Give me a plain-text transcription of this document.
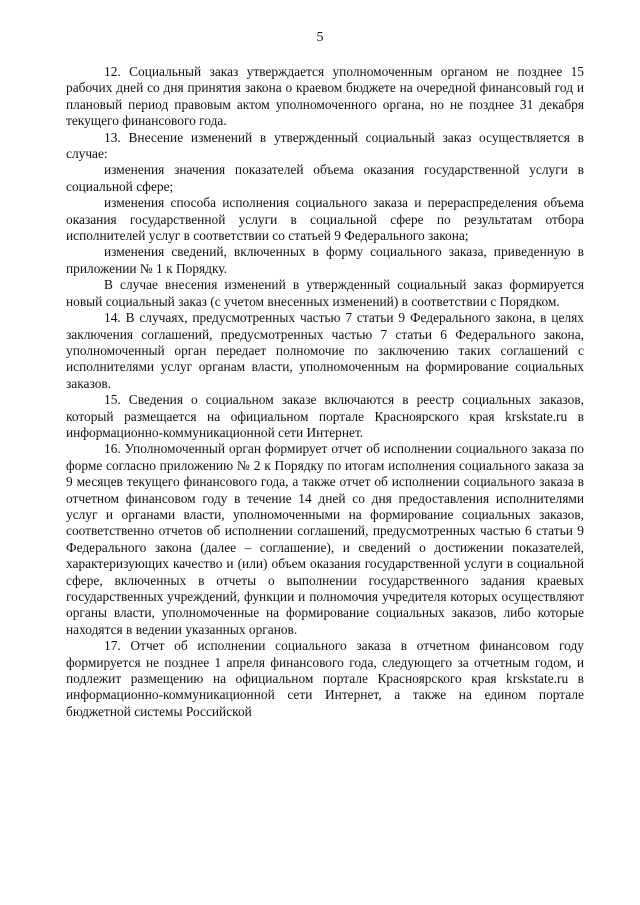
5

12. Социальный заказ утверждается уполномоченным органом не позднее 15 рабочих дней со дня принятия закона о краевом бюджете на очередной финансовый год и плановый период правовым актом уполномоченного органа, но не позднее 31 декабря текущего финансового года.

13. Внесение изменений в утвержденный социальный заказ осуществляется в случае:

изменения значения показателей объема оказания государственной услуги в социальной сфере;

изменения способа исполнения социального заказа и перераспределения объема оказания государственной услуги в социальной сфере по результатам отбора исполнителей услуг в соответствии со статьей 9 Федерального закона;

изменения сведений, включенных в форму социального заказа, приведенную в приложении № 1 к Порядку.

В случае внесения изменений в утвержденный социальный заказ формируется новый социальный заказ (с учетом внесенных изменений) в соответствии с Порядком.

14. В случаях, предусмотренных частью 7 статьи 9 Федерального закона, в целях заключения соглашений, предусмотренных частью 7 статьи 6 Федерального закона, уполномоченный орган передает полномочие по заключению таких соглашений с исполнителями услуг органам власти, уполномоченным на формирование социальных заказов.

15. Сведения о социальном заказе включаются в реестр социальных заказов, который размещается на официальном портале Красноярского края krskstate.ru в информационно-коммуникационной сети Интернет.

16. Уполномоченный орган формирует отчет об исполнении социального заказа по форме согласно приложению № 2 к Порядку по итогам исполнения социального заказа за 9 месяцев текущего финансового года, а также отчет об исполнении социального заказа в отчетном финансовом году в течение 14 дней со дня предоставления исполнителями услуг и органами власти, уполномоченными на формирование социальных заказов, соответственно отчетов об исполнении соглашений, предусмотренных частью 6 статьи 9 Федерального закона (далее – соглашение), и сведений о достижении показателей, характеризующих качество и (или) объем оказания государственной услуги в социальной сфере, включенных в отчеты о выполнении государственного задания краевых государственных учреждений, функции и полномочия учредителя которых осуществляют органы власти, уполномоченные на формирование социальных заказов, либо которые находятся в ведении указанных органов.

17. Отчет об исполнении социального заказа в отчетном финансовом году формируется не позднее 1 апреля финансового года, следующего за отчетным годом, и подлежит размещению на официальном портале Красноярского края krskstate.ru в информационно-коммуникационной сети Интернет, а также на едином портале бюджетной системы Российской
